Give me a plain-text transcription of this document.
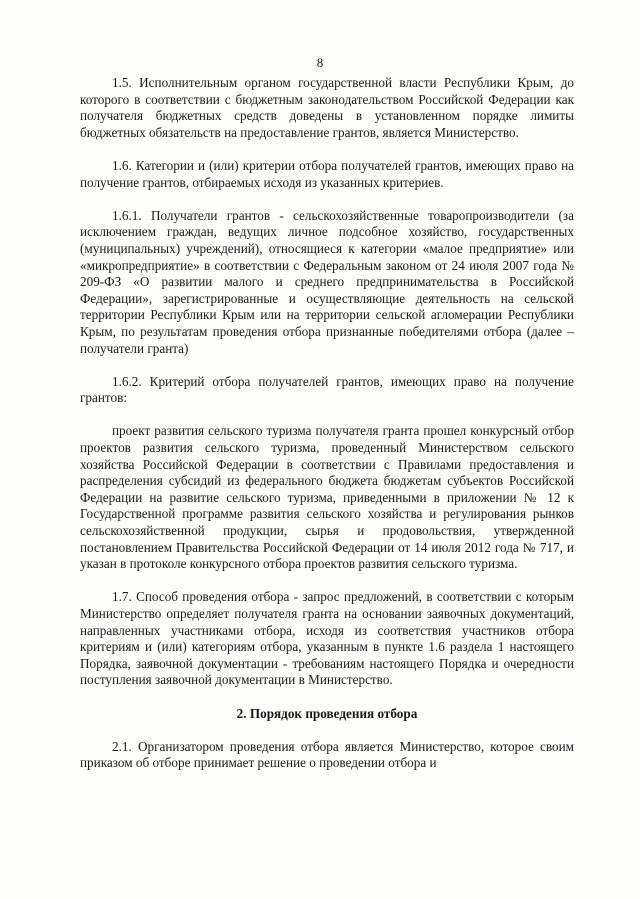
8

1.5. Исполнительным органом государственной власти Республики Крым, до которого в соответствии с бюджетным законодательством Российской Федерации как получателя бюджетных средств доведены в установленном порядке лимиты бюджетных обязательств на предоставление грантов, является Министерство.

1.6. Категории и (или) критерии отбора получателей грантов, имеющих право на получение грантов, отбираемых исходя из указанных критериев.

1.6.1. Получатели грантов - сельскохозяйственные товаропроизводители (за исключением граждан, ведущих личное подсобное хозяйство, государственных (муниципальных) учреждений), относящиеся к категории «малое предприятие» или «микропредприятие» в соответствии с Федеральным законом от 24 июля 2007 года № 209-ФЗ «О развитии малого и среднего предпринимательства в Российской Федерации», зарегистрированные и осуществляющие деятельность на сельской территории Республики Крым или на территории сельской агломерации Республики Крым, по результатам проведения отбора признанные победителями отбора (далее – получатели гранта)

1.6.2. Критерий отбора получателей грантов, имеющих право на получение грантов:

проект развития сельского туризма получателя гранта прошел конкурсный отбор проектов развития сельского туризма, проведенный Министерством сельского хозяйства Российской Федерации в соответствии с Правилами предоставления и распределения субсидий из федерального бюджета бюджетам субъектов Российской Федерации на развитие сельского туризма, приведенными в приложении № 12 к Государственной программе развития сельского хозяйства и регулирования рынков сельскохозяйственной продукции, сырья и продовольствия, утвержденной постановлением Правительства Российской Федерации от 14 июля 2012 года № 717, и указан в протоколе конкурсного отбора проектов развития сельского туризма.

1.7. Способ проведения отбора - запрос предложений, в соответствии с которым Министерство определяет получателя гранта на основании заявочных документаций, направленных участниками отбора, исходя из соответствия участников отбора критериям и (или) категориям отбора, указанным в пункте 1.6 раздела 1 настоящего Порядка, заявочной документации - требованиям настоящего Порядка и очередности поступления заявочной документации в Министерство.

2. Порядок проведения отбора

2.1. Организатором проведения отбора является Министерство, которое своим приказом об отборе принимает решение о проведении отбора и
